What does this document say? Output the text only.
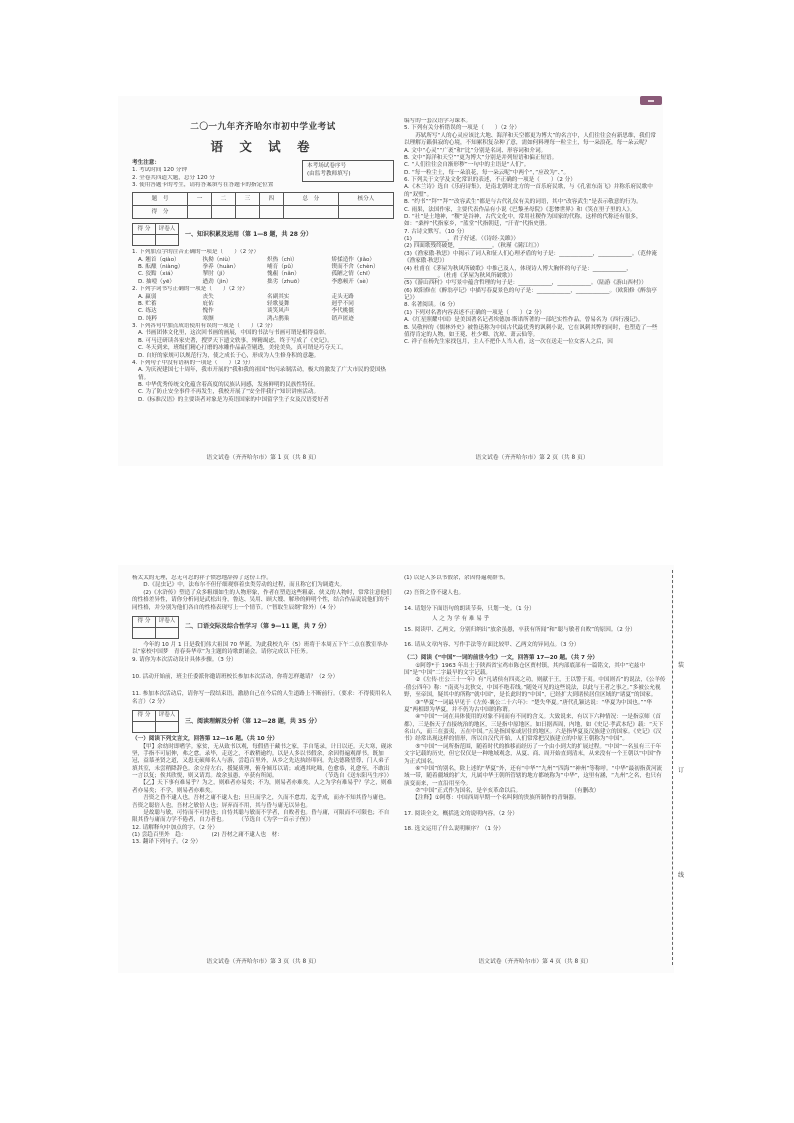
二〇一九年齐齐哈尔市初中学业考试
语 文 试 卷
考生注意：
1. 考试时间 120 分钟
2. 全卷共四道大题，总分 120 分
3. 使用答题卡的考生，请将答案填写在答题卡的指定位置
本考场试卷序号
(由监考教师填写)
题　号	一	二	三	四	总　分	核分人
得　分						
得 分	评卷人

一、知识积累及运用（第 1—8 题，共 28 分）
1. 下列加点字的注音正确的一项是（　　）（2 分）
A. 翘首（qiào）	执拗（niù）	炽热（chì）	矫揉造作（jiǎo）
B. 酝酿（niàng）	拳养（huàn）	哺育（pǔ）	锲而不舍（chèn）
C. 狡黠（xiá）	掣肘（jì）	愧赧（nǎn）	孤陋之情（chī）
D. 抽噎（yē）	遒劲（jìn）	拙劣（zhuō）	李憨顿开（sè）
2. 下列字词书写正确的一项是（　　）（2 分）
A. 赢弱	丧失	名副其实	走头无路
B. 贮蓄	庇佑	轻歌曼舞	迥乎不同
C. 练达	愧作	谈笑风声	李代桃僵
D. 纯粹	寒颤	鸿占鹊巢	销声匿迹
3. 下列各句中加点成语使用有误的一项是（　　）（2 分）
A. 书画团体文化里，这次回书画的画展，中国的书法与书画可谓是相得益彰。
B. 可马迁研读各家史著，搜罗天下遗文轶事，殚精竭虑，终于写成了《史记》。
C. 冬天到来，班级们精心打磨的冰雕作品晶莹剔透，美轮美奂，真可谓是巧夺天工。
D. 自好的家规可以规范行为，使之成长于心，形成为人生修身积的意趣。
4. 下列句子中没有语病的一项是（　　）（2 分）
A. 为庆祝建国七十周年，我市开展的“我和我的祖国”快闪录制活动，极大的激发了广大市民的爱国热情。
B. 中华优秀传统文化蕴含着高度的民族认同感，发扬鲜明的民族性特征。
C. 为了防止安全事件不再发生，我校开展了“安全伴我行”知识讲座活动。
D.《标准汉语》的主要读者对象是为英语国家的中国留学生子女及汉语爱好者
语文试卷（齐齐哈尔市）第 1 页（共 8 页）
编写的一套汉语学习课本。
5. 下列有关分析错误的一项是（　　）（2 分）
　　苏轼所写“人的心灵应该比大地、海洋和天空都更为博大”的名言中，人们往往会有新思维，我们常以理解万籁俱寂的心境，不知累积复杂种了意，需如何料理每一粒尘土，每一朵浪花，每一朵云呢？
A. 文中“心灵”“广袤”和“比”分别是名词、形容词和介词。
B. 文中“海洋和天空”“更为博大”分别是并列短语和偏正短语。
C. “人们往往会自渐形秽”一句中的主语是“人们”。
D. “每一粒尘土，每一朵浪花，每一朵云呢”中两个“，”应改为“、”。
6. 下列关于文学及文化常识的表述，不正确的一项是（　　）（2 分）
A.《木兰诗》选自《乐府诗集》，是南北朝时北方的一首乐府民歌，与《孔雀东南飞》并称乐府民歌中的“双璧”。
B. “约书”“拜”“拜”“改容武生”都是与古代礼仪有关的词语，其中“改容武生”是表示敬意的行为。
C. 雨果，法国作家，主要代表作品有小说《巴黎圣母院》《悲惨世界》和《笑在里子里的人》。
D. “社”是土地神，“稷”是谷神，古代文化中，常用社稷作为国家的代称。这样的代称还有很多，如：“桑梓”代指家乡，“蓝堂”代指朝廷，“汗青”代指史册。
7. 古诗文默写。（10 分）
(1) ____________，君子好逑。（《诗经·关雎》）
(2) 四面歌残终破楚，____________。（秋瑾《满江红》）
(3)《渔家傲·秋思》中揭示了词人和征人们心理矛盾的句子是：____________，____________。（范仲淹《渔家傲·秋思》）
(4) 杜甫在《茅屋为秋风所破歌》中推己及人，体现诗人博大胸怀的句子是：____________，____________。（杜甫《茅屋为秋风所破歌》）
(5)《游山西村》中写景中蕴含哲理的句子是：____________，____________。（陆游《游山西村》）
(6) 欧阳修在《醉翁亭记》中描写春夏景色的句子是：____________，____________。（欧阳修《醉翁亭记》）
8. 名著阅读。（6 分）
(1) 下列对名著内容表述不正确的一项是（　　）（2 分）
A.《红星照耀中国》是美国著名记者埃德加·斯诺所著的一部纪实性作品，曾易名为《西行漫记》。
B. 吴敬梓的《儒林外史》被鲁迅称为中国古代最优秀的讽刺小说，它在讽刺其弊的同时，也塑造了一些值得肯定的人物，如王冕、杜少卿、沈琼、萧云仙等。
C. 祥子在杨先生家找包月，主人不把仆人当人看，这一次在送走一位女客人之后，因
语文试卷（齐齐哈尔市）第 2 页（共 8 页）
杨太太的无理，忍无可忍的祥子愤怒地辞掉了这份工作。
　　D.《昆虫记》中，法布尔不但仔细观察着虫类劳动的过程，而且称它们为调遣夫。
　　(2)《水浒传》塑造了众多粗细如生的人物形象，作者在塑造这些粗豪、侠义的人物时，常常注意他们的性格差异性，请你分析同是武松出身，鲁达、吴用、顾大嫂、解珍的鲜明个性，结合作品说说他们的不同性格，并分别为他们各自的性格表现写上一个情节。（“智取生辰纲”除外）（4 分）
得 分	评卷人

二、口语交际及综合性学习（第 9—11 题，共 7 分）
　　今年的 10 月 1 日是我们伟大祖国 70 华诞，为此我校九年（5）班将于本周五下午二点在教室举办以“家校中国梦　青春奏华章”为主题的诗歌朗诵会。请你完成以下任务。
9. 请你为本次活动设计具体步骤。（3 分）
10. 活动开始前，班主任委派你邀请班校长参加本次活动，你将怎样邀请？（2 分）
11. 参加本次活动后，请你写一段结束语，激励自己在今后的人生道路上不断前行。（要求：不得使用名人名言）（2 分）
得 分	评卷人

三、阅读理解及分析（第 12—28 题，共 35 分）
（一）阅读下列文言文，回答第 12—16 题。（共 10 分）
　　【甲】余幼时即嗜学。家贫，无从致书以观，每假借于藏书之家，手自笔录，计日以还。天大寒，砚冰坚，手指不可屈伸，弗之怠。录毕，走送之，不敢稍逾约。以是人多以书假余，余因得遍观群书。既加冠，益慕圣贤之道，又患无硕师名人与游，尝趋百里外，从乡之先达执经叩问。先达德隆望尊，门人弟子填其室，未尝稍降辞色。余立侍左右，援疑质理，俯身倾耳以请；或遇其叱咄，色愈恭，礼愈至，不敢出一言以复；俟其欣悦，则又请焉。故余虽愚，卒获有所闻。　　　　　　　　　（节选自《送东阳马生序》）
　　【乙】天下事有难易乎？为之，则难者亦易矣；不为，则易者亦难矣。人之为学有难易乎？学之，则难者亦易矣；不学，则易者亦难矣。
　　吾资之昏不逮人也，吾材之庸不逮人也；旦旦而学之，久而不怠焉，迄乎成，而亦不知其昏与庸也。吾资之聪倍人也，吾材之敏倍人也；屏弃而不用，其与昏与庸无以异也。
　　是故聪与敏，可恃而不可恃也；自恃其聪与敏而不学者，自败者也。昏与庸，可限而不可限也；不自限其昏与庸而力学不倦者，自力者也。　　　（节选自《为学一首示子侄》）
12. 请解释句中加点的字。（2 分）
(1) 尝趋百里外　趋：　　　　　(2) 吾材之庸不逮人也　材：
13. 翻译下列句子。（2 分）
语文试卷（齐齐哈尔市）第 3 页（共 8 页）
(1) 以是人多以书假余，余因得遍观群书。
(2) 吾资之昏不逮人也。
14. 请划分下面语句的朗读节奏，只划一处。（1 分）
　　　　　人 之 为 学 有 难 易 乎
15. 阅读甲、乙两文，分别归纳出“放余虽愚，卒获有所闻”和“聪与敏者自败”的原因。（2 分）
16. 请从文章内容、写作手法等方面比较甲、乙两文的异同点。（3 分）
（二）阅读《“中国”一词的前世今生》一文，回答第 17—20 题。（共 7 分）
　　①阿尊*于 1963 年出土于陕西省宝鸡市陈仓区贾村镇，其内部底部有一篇铭文，其中“宅兹中国”是“中国”二字最早的文字记载。
　　②《左传·庄公三十一年》有“凡诸侯有四夷之功，则献于王，王以警于夷。中国则否”的说法，《公羊传·僖公四年》称：“南夷与北狄交，中国不绝若线。”随处可见的这些说法，以此与王者之事之。”多被公允视野，至帝国，疑其中的所称“就中国”，是长此时的“中国”，已经扩大到诸侯居住区域的“诸夏”的国家。
　　③“华夏”一词最早见于《左传·襄公二十六年》：“楚失华夏。”唐代孔颖达说：“华夏为中国也。”“华夏”两相即为华夏，并不仍为古中国的称谓。
　　④“中国”一词在具体使用的对象不同而有不同的含义。大致说来，有以下六种情况：一是指京师（首都），三是指天子直接统治的地区，三是指中原地区。如日据西周，内地，如《史记·孝武本纪》载：“天下名山八，而三在蛮夷，五在中国。”五是指国家或居住的地区。六是指华夏及汉族建立的国家。《史记》《汉书》经常出现这样的情形，所以自汉代开始，人们常常把汉族建立的中原王朝称为“中国”。
　　⑤“中国”一词所指范围，随着时代的推移而经历了一个由小到大的扩展过程。“中国”一名虽有三千年文字记载的历史，但它仅仅是一种地域观念，从夏、商、周开始直到清末，从来没有一个王朝以“中国”作为正式国名。
　　⑥“中国”的别名，除上述的“华夏”外，还有“中华”“九州”“四海”“神州”等称呼。“中华”最初指黄河流域一带，随着疆域的扩大，凡属中华王朝所管辖的地方都统称为“中华”，这里有涵，“九州”之名，也只有演变而来，一直沿用至今。
　　⑦“中国”正式作为国名，是辛亥革命以后。　　　　　　　　　　（有删改）
　　【注释】①阿尊：中国西周早期一个名叫阿的贵族所制作的青铜器。
17. 阅读全文，概括选文的说明内容。（2 分）
18. 选文运用了什么说明顺序？（1 分）
语文试卷（齐齐哈尔市）第 4 页（共 8 页）
装
订
线
